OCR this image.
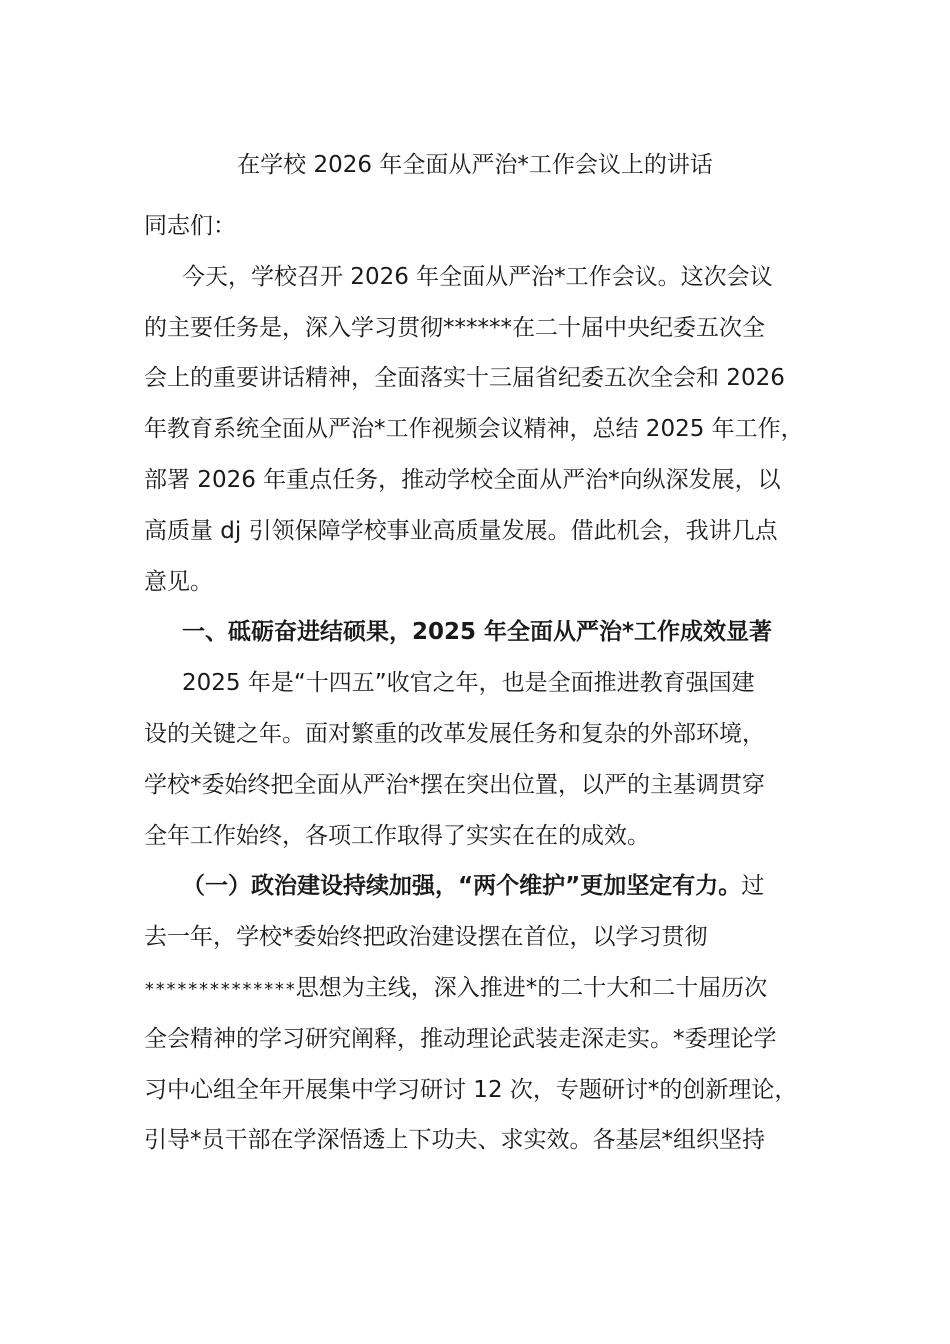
在学校 2026 年全面从严治*工作会议上的讲话
同志们：
今天，学校召开 2026 年全面从严治*工作会议。这次会议
的主要任务是，深入学习贯彻******在二十届中央纪委五次全
会上的重要讲话精神，全面落实十三届省纪委五次全会和 2026
年教育系统全面从严治*工作视频会议精神，总结 2025 年工作，
部署 2026 年重点任务，推动学校全面从严治*向纵深发展，以
高质量 dj 引领保障学校事业高质量发展。借此机会，我讲几点
意见。
一、砥砺奋进结硕果，2025 年全面从严治*工作成效显著
2025 年是“十四五”收官之年，也是全面推进教育强国建
设的关键之年。面对繁重的改革发展任务和复杂的外部环境，
学校*委始终把全面从严治*摆在突出位置，以严的主基调贯穿
全年工作始终，各项工作取得了实实在在的成效。
（一）政治建设持续加强，“两个维护”更加坚定有力。过
去一年，学校*委始终把政治建设摆在首位，以学习贯彻
**************思想为主线，深入推进*的二十大和二十届历次
全会精神的学习研究阐释，推动理论武装走深走实。*委理论学
习中心组全年开展集中学习研讨 12 次，专题研讨*的创新理论，
引导*员干部在学深悟透上下功夫、求实效。各基层*组织坚持
